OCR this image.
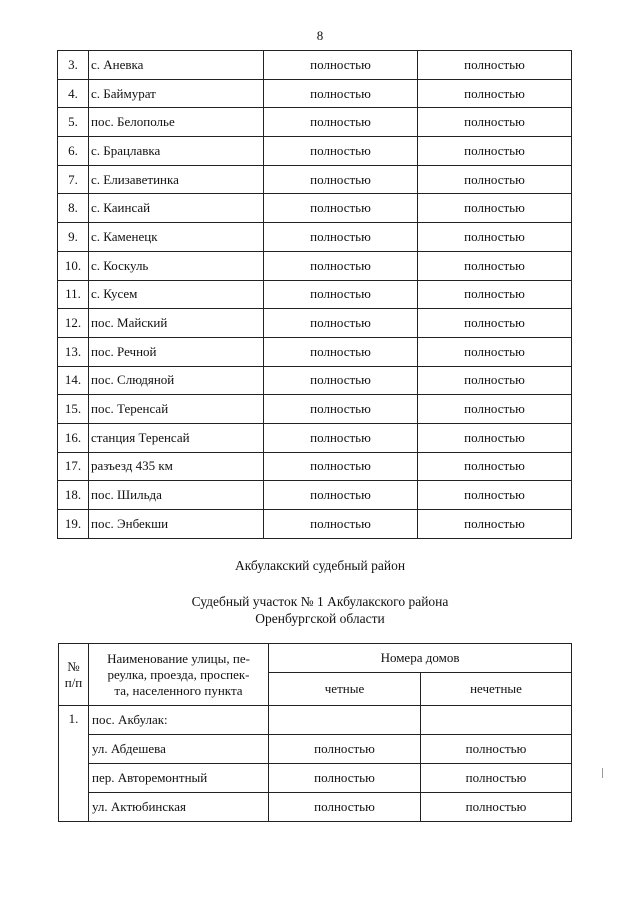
8
3.	с. Аневка	полностью	полностью
4.	с. Баймурат	полностью	полностью
5.	пос. Белополье	полностью	полностью
6.	с. Брацлавка	полностью	полностью
7.	с. Елизаветинка	полностью	полностью
8.	с. Каинсай	полностью	полностью
9.	с. Каменецк	полностью	полностью
10.	с. Коскуль	полностью	полностью
11.	с. Кусем	полностью	полностью
12.	пос. Майский	полностью	полностью
13.	пос. Речной	полностью	полностью
14.	пос. Слюдяной	полностью	полностью
15.	пос. Теренсай	полностью	полностью
16.	станция Теренсай	полностью	полностью
17.	разъезд 435 км	полностью	полностью
18.	пос. Шильда	полностью	полностью
19.	пос. Энбекши	полностью	полностью
Акбулакский судебный район
Судебный участок № 1 Акбулакского района
Оренбургской области
№
п/п	Наименование улицы, пе-
реулка, проезда, проспек-
та, населенного пункта	Номера домов	
		четные	нечетные
1.	пос. Акбулак:		
	ул. Абдешева	полностью	полностью
	пер. Авторемонтный	полностью	полностью
	ул. Актюбинская	полностью	полностью
